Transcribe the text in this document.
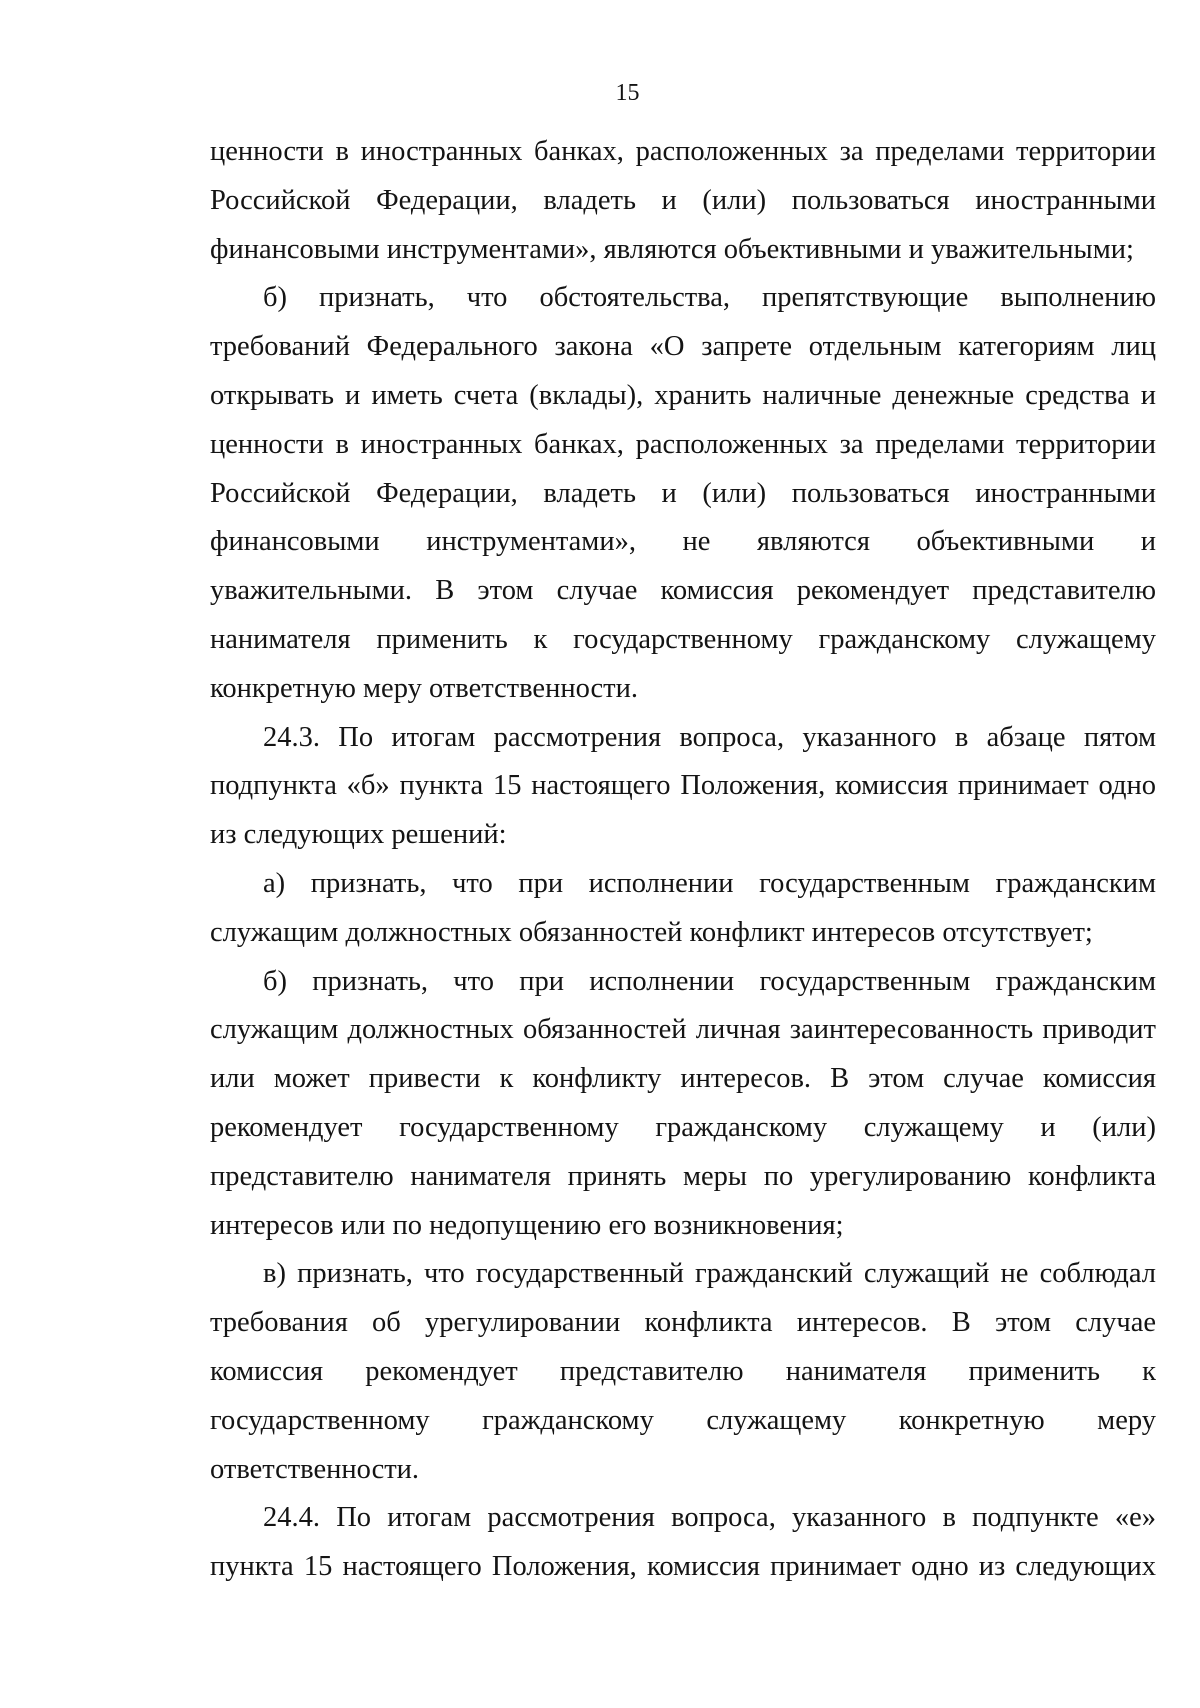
15

ценности в иностранных банках, расположенных за пределами территории Российской Федерации, владеть и (или) пользоваться иностранными финансовыми инструментами», являются объективными и уважительными;

б) признать, что обстоятельства, препятствующие выполнению требований Федерального закона «О запрете отдельным категориям лиц открывать и иметь счета (вклады), хранить наличные денежные средства и ценности в иностранных банках, расположенных за пределами территории Российской Федерации, владеть и (или) пользоваться иностранными финансовыми инструментами», не являются объективными и уважительными. В этом случае комиссия рекомендует представителю нанимателя применить к государственному гражданскому служащему конкретную меру ответственности.

24.3. По итогам рассмотрения вопроса, указанного в абзаце пятом подпункта «б» пункта 15 настоящего Положения, комиссия принимает одно из следующих решений:

а) признать, что при исполнении государственным гражданским служащим должностных обязанностей конфликт интересов отсутствует;

б) признать, что при исполнении государственным гражданским служащим должностных обязанностей личная заинтересованность приводит или может привести к конфликту интересов. В этом случае комиссия рекомендует государственному гражданскому служащему и (или) представителю нанимателя принять меры по урегулированию конфликта интересов или по недопущению его возникновения;

в) признать, что государственный гражданский служащий не соблюдал требования об урегулировании конфликта интересов. В этом случае комиссия рекомендует представителю нанимателя применить к государственному гражданскому служащему конкретную меру ответственности.

24.4. По итогам рассмотрения вопроса, указанного в подпункте «е» пункта 15 настоящего Положения, комиссия принимает одно из следующих
